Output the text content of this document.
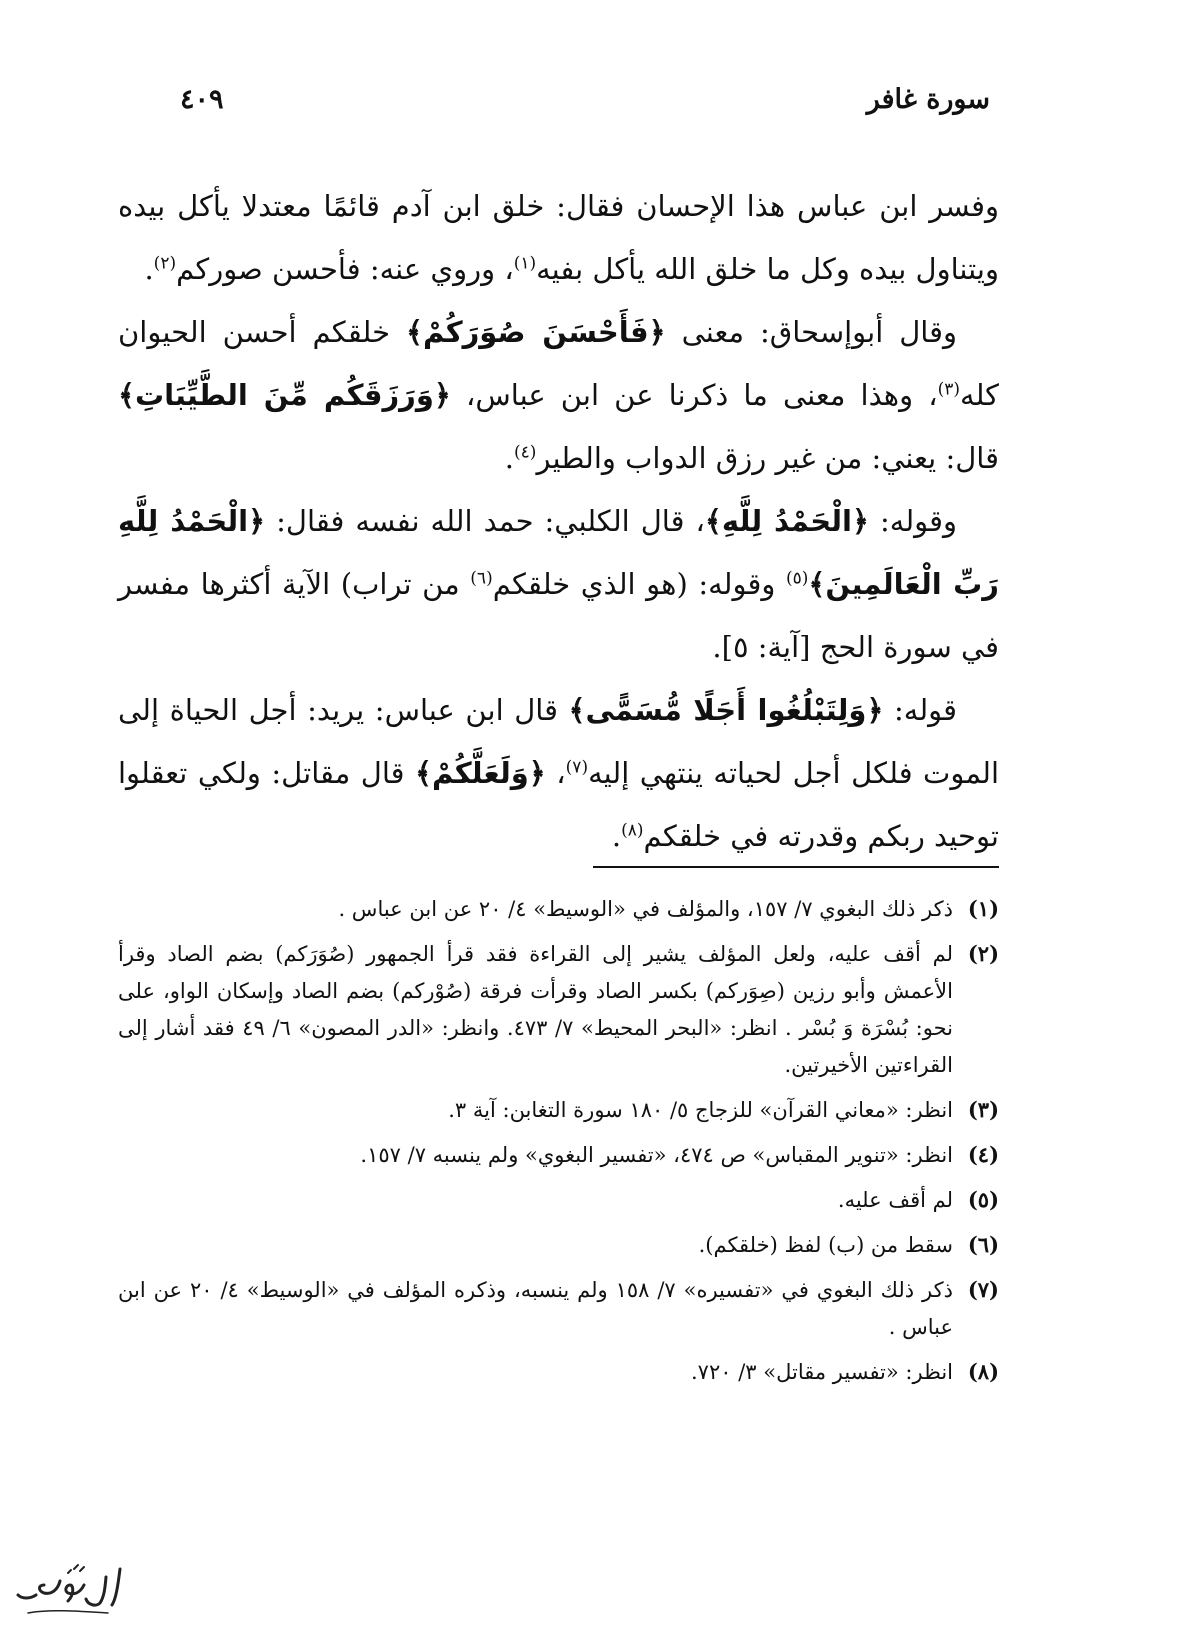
سورة غافر
٤٠٩

وفسر ابن عباس هذا الإحسان فقال: خلق ابن آدم قائمًا معتدلا يأكل بيده ويتناول بيده وكل ما خلق الله يأكل بفيه$^{(١)}$، وروي عنه: فأحسن صوركم$^{(٢)}$.

وقال أبوإسحاق: معنى ﴿فَأَحْسَنَ صُوَرَكُمْ﴾ خلقكم أحسن الحيوان كله$^{(٣)}$، وهذا معنى ما ذكرنا عن ابن عباس، ﴿وَرَزَقَكُم مِّنَ الطَّيِّبَاتِ﴾ قال: يعني: من غير رزق الدواب والطير$^{(٤)}$.

وقوله: ﴿الْحَمْدُ لِلَّهِ﴾، قال الكلبي: حمد الله نفسه فقال: ﴿الْحَمْدُ لِلَّهِ رَبِّ الْعَالَمِينَ﴾$^{(٥)}$ وقوله: (هو الذي خلقكم$^{(٦)}$ من تراب) الآية أكثرها مفسر في سورة الحج [آية: ٥].

قوله: ﴿وَلِتَبْلُغُوا أَجَلًا مُّسَمًّى﴾ قال ابن عباس: يريد: أجل الحياة إلى الموت فلكل أجل لحياته ينتهي إليه$^{(٧)}$، ﴿وَلَعَلَّكُمْ﴾ قال مقاتل: ولكي تعقلوا توحيد ربكم وقدرته في خلقكم$^{(٨)}$.

(١)ذكر ذلك البغوي ٧/ ١٥٧، والمؤلف في «الوسيط» ٤/ ٢٠ عن ابن عباس .

(٢)لم أقف عليه، ولعل المؤلف يشير إلى القراءة فقد قرأ الجمهور (صُوَرَكم) بضم الصاد وقرأ الأعمش وأبو رزين (صِوَركم) بكسر الصاد وقرأت فرقة (صُوْركم) بضم الصاد وإسكان الواو، على نحو: بُسْرَة وَ بُسْر . انظر: «البحر المحيط» ٧/ ٤٧٣. وانظر: «الدر المصون» ٦/ ٤٩ فقد أشار إلى القراءتين الأخيرتين.

(٣)انظر: «معاني القرآن» للزجاج ٥/ ١٨٠ سورة التغابن: آية ٣.

(٤)انظر: «تنوير المقباس» ص ٤٧٤، «تفسير البغوي» ولم ينسبه ٧/ ١٥٧.

(٥)لم أقف عليه.

(٦)سقط من (ب) لفظ (خلقكم).

(٧)ذكر ذلك البغوي في «تفسيره» ٧/ ١٥٨ ولم ينسبه، وذكره المؤلف في «الوسيط» ٤/ ٢٠ عن ابن عباس .

(٨)انظر: «تفسير مقاتل» ٣/ ٧٢٠.
